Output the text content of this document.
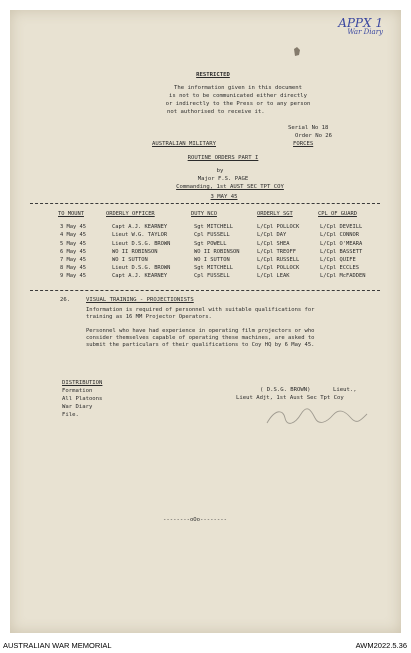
APPX 1
War Diary
RESTRICTED
The information given in this document
is not to be communicated either directly
or indirectly to the Press or to any person
not authorised to receive it.
Serial No 18
Order No 26
AUSTRALIAN MILITARY	FORCES
ROUTINE ORDERS PART I
by
Major F.S. PAGE
Commanding, 1st AUST SEC TPT COY
3 MAY 45
TO MOUNT	ORDERLY OFFICER	DUTY NCO	ORDERLY SGT	CPL OF GUARD
3 May 45	Capt A.J. KEARNEY	Sgt MITCHELL	L/Cpl POLLOCK	L/Cpl DEVEILL
4 May 45	Lieut W.G. TAYLOR	Cpl FUSSELL	L/Cpl DAY	L/Cpl CONNOR
5 May 45	Lieut D.S.G. BROWN	Sgt POWELL	L/Cpl SHEA	L/Cpl O'MEARA
6 May 45	WO II ROBINSON	WO II ROBINSON	L/Cpl TREOFF	L/Cpl BASSETT
7 May 45	WO I SUTTON	WO I SUTTON	L/Cpl RUSSELL	L/Cpl QUIFE
8 May 45	Lieut D.S.G. BROWN	Sgt MITCHELL	L/Cpl POLLOCK	L/Cpl ECCLES
9 May 45	Capt A.J. KEARNEY	Cpl FUSSELL	L/Cpl LEAK	L/Cpl McFADDEN
26.	VISUAL TRAINING - PROJECTIONISTS
Information is required of personnel with suitable qualifications for
training as 16 MM Projector Operators.
Personnel who have had experience in operating film projectors or who
consider themselves capable of operating these machines, are asked to
submit the particulars of their qualifications to Coy HQ by 6 May 45.
( D.S.G. BROWN)	Lieut.,
Lieut Adjt, 1st Aust Sec Tpt Coy
DISTRIBUTION
Formation
All Platoons
War Diary
File.
--------oOo--------
AUSTRALIAN WAR MEMORIAL	AWM2022.5.36
